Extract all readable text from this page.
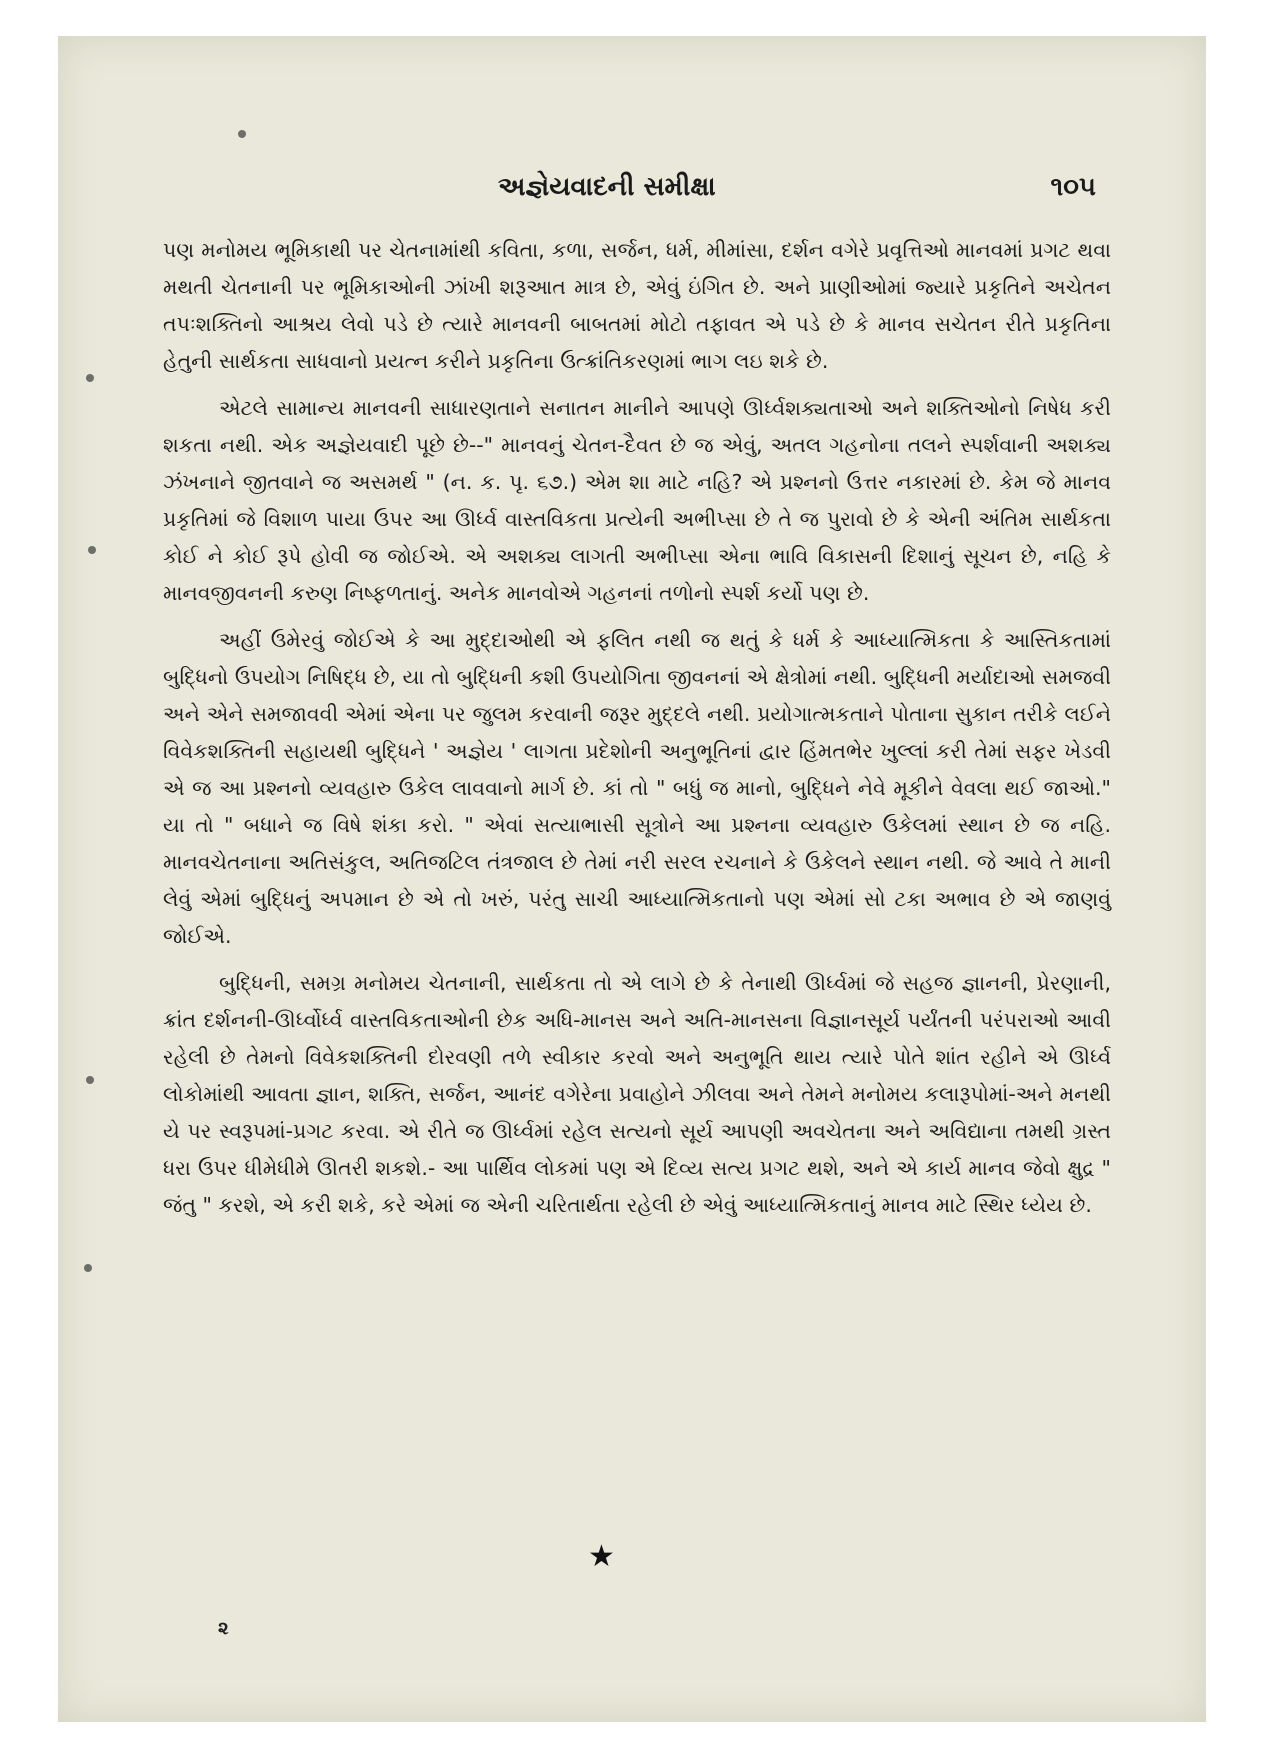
અજ્ઞેયવાદની સમીક્ષા	૧૦૫

પણ મનોમય ભૂમિકાથી પર ચેતનામાંથી કવિતા, કળા, સર્જન, ધર્મ, મીમાંસા, દર્શન વગેરે પ્રવૃત્તિઓ માનવમાં પ્રગટ થવા મથતી ચેતનાની પર ભૂમિકાઓની ઝાંખી શરૂઆત માત્ર છે, એવું ઇંગિત છે. અને પ્રાણીઓમાં જ્યારે પ્રકૃતિને અચેતન તપઃશક્તિનો આશ્રય લેવો પડે છે ત્યારે માનવની બાબતમાં મોટો તફાવત એ પડે છે કે માનવ સચેતન રીતે પ્રકૃતિના હેતુની સાર્થકતા સાધવાનો પ્રયત્ન કરીને પ્રકૃતિના ઉત્ક્રાંતિકરણમાં ભાગ લઇ શકે છે.

એટલે સામાન્ય માનવની સાધારણતાને સનાતન માનીને આપણે ઊર્ધ્વશક્યતાઓ અને શક્તિઓનો નિષેધ કરી શકતા નથી. એક અજ્ઞેયવાદી પૂછે છે--" માનવનું ચેતન-દૈવત છે જ એવું, અતલ ગહનોના તલને સ્પર્શવાની અશક્ય ઝંખનાને જીતવાને જ અસમર્થ " (ન. ક. પૃ. ૬૭.) એમ શા માટે નહિ? એ પ્રશ્નનો ઉત્તર નકારમાં છે. કેમ જે માનવ પ્રકૃતિમાં જે વિશાળ પાયા ઉપર આ ઊર્ધ્વ વાસ્તવિકતા પ્રત્યેની અભીપ્સા છે તે જ પુરાવો છે કે એની અંતિમ સાર્થકતા કોઈ ને કોઈ રૂપે હોવી જ જોઈએ. એ અશક્ય લાગતી અભીપ્સા એના ભાવિ વિકાસની દિશાનું સૂચન છે, નહિ કે માનવજીવનની કરુણ નિષ્ફળતાનું. અનેક માનવોએ ગહનનાં તળોનો સ્પર્શ કર્યો પણ છે.

અહીં ઉમેરવું જોઈએ કે આ મુદ્દાઓથી એ ફલિત નથી જ થતું કે ધર્મ કે આધ્યાત્મિકતા કે આસ્તિકતામાં બુદ્ધિનો ઉપયોગ નિષિદ્ધ છે, યા તો બુદ્ધિની કશી ઉપયોગિતા જીવનનાં એ ક્ષેત્રોમાં નથી. બુદ્ધિની મર્યાદાઓ સમજવી અને એને સમજાવવી એમાં એના પર જુલમ કરવાની જરૂર મુદ્દલે નથી. પ્રયોગાત્મકતાને પોતાના સુકાન તરીકે લઈને વિવેકશક્તિની સહાયથી બુદ્ધિને ' અજ્ઞેય ' લાગતા પ્રદેશોની અનુભૂતિનાં દ્વાર હિંમતભેર ખુલ્લાં કરી તેમાં સફર ખેડવી એ જ આ પ્રશ્નનો વ્યવહારુ ઉકેલ લાવવાનો માર્ગ છે. કાં તો " બધું જ માનો, બુદ્ધિને નેવે મૂકીને વેવલા થઈ જાઓ." યા તો " બધાને જ વિષે શંકા કરો. " એવાં સત્યાભાસી સૂત્રોને આ પ્રશ્નના વ્યવહારુ ઉકેલમાં સ્થાન છે જ નહિ. માનવચેતનાના અતિસંકુલ, અતિજટિલ તંત્રજાલ છે તેમાં નરી સરલ રચનાને કે ઉકેલને સ્થાન નથી. જે આવે તે માની લેવું એમાં બુદ્ધિનું અપમાન છે એ તો ખરું, પરંતુ સાચી આધ્યાત્મિકતાનો પણ એમાં સો ટકા અભાવ છે એ જાણવું જોઈએ.

બુદ્ધિની, સમગ્ર મનોમય ચેતનાની, સાર્થકતા તો એ લાગે છે કે તેનાથી ઊર્ધ્વમાં જે સહજ જ્ઞાનની, પ્રેરણાની, ક્રાંત દર્શનની-ઊર્ધ્વોર્ધ્વ વાસ્તવિકતાઓની છેક અધિ-માનસ અને અતિ-માનસના વિજ્ઞાનસૂર્ય પર્યંતની પરંપરાઓ આવી રહેલી છે તેમનો વિવેકશક્તિની દોરવણી તળે સ્વીકાર કરવો અને અનુભૂતિ થાય ત્યારે પોતે શાંત રહીને એ ઊર્ધ્વ લોકોમાંથી આવતા જ્ઞાન, શક્તિ, સર્જન, આનંદ વગેરેના પ્રવાહોને ઝીલવા અને તેમને મનોમય કલારૂપોમાં-અને મનથી યે પર સ્વરૂપમાં-પ્રગટ કરવા. એ રીતે જ ઊર્ધ્વમાં રહેલ સત્યનો સૂર્ય આપણી અવચેતના અને અવિદ્યાના તમથી ગ્રસ્ત ધરા ઉપર ધીમેધીમે ઊતરી શકશે.- આ પાર્થિવ લોકમાં પણ એ દિવ્ય સત્ય પ્રગટ થશે, અને એ કાર્ય માનવ જેવો ક્ષુદ્ર " જંતુ " કરશે, એ કરી શકે, કરે એમાં જ એની ચરિતાર્થતા રહેલી છે એવું આધ્યાત્મિકતાનું માનવ માટે સ્થિર ધ્યેય છે.

★
૨
